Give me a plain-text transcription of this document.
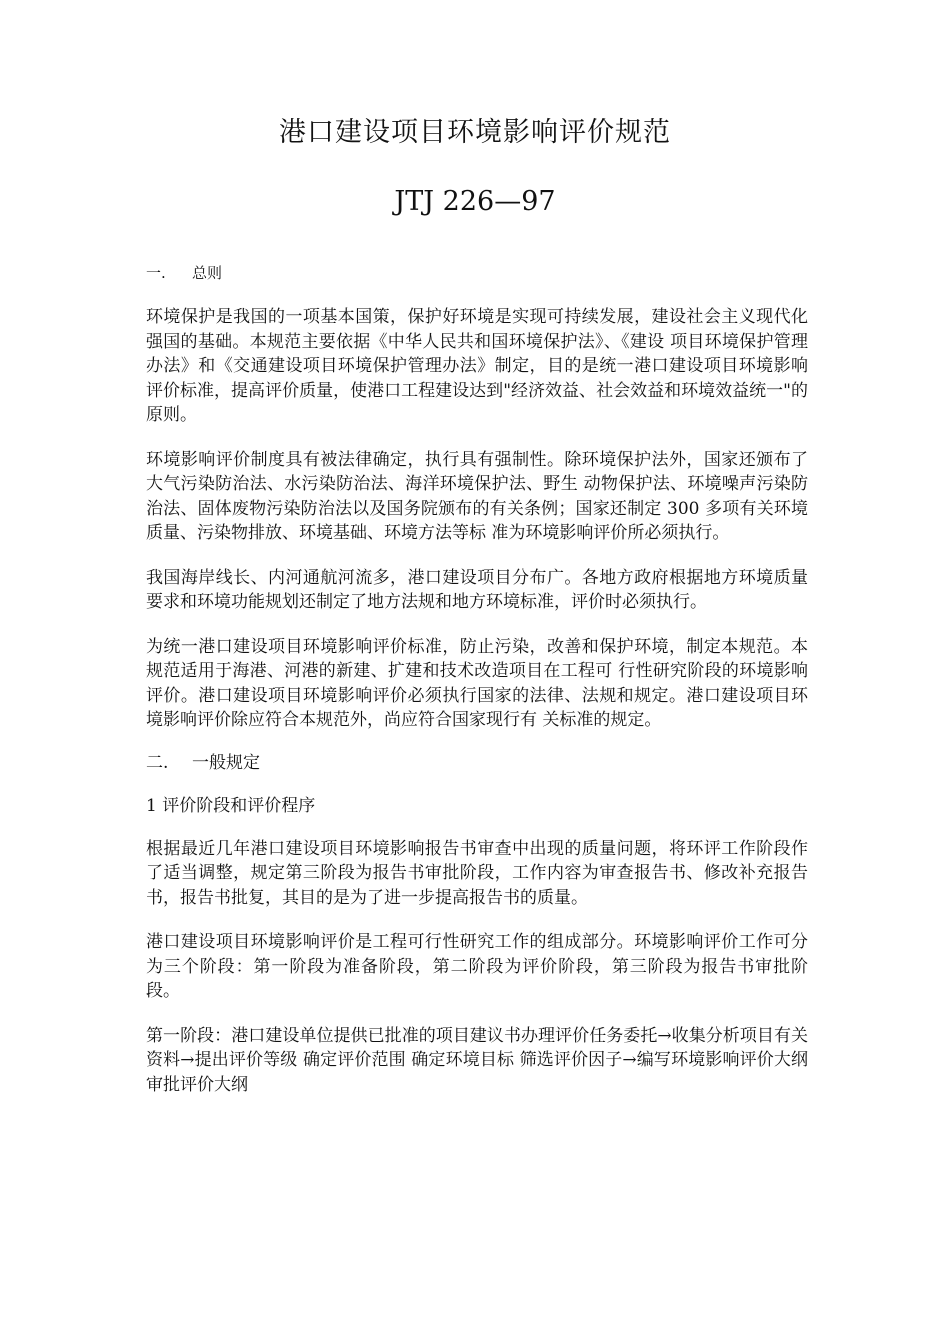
港口建设项目环境影响评价规范
JTJ 226—97
一. 总则

环境保护是我国的一项基本国策，保护好环境是实现可持续发展，建设社会主义现代化强国的基础。本规范主要依据《中华人民共和国环境保护法》、《建设 项目环境保护管理办法》和《交通建设项目环境保护管理办法》制定，目的是统一港口建设项目环境影响评价标准，提高评价质量，使港口工程建设达到"经济效益、社会效益和环境效益统一"的原则。

环境影响评价制度具有被法律确定，执行具有强制性。除环境保护法外，国家还颁布了大气污染防治法、水污染防治法、海洋环境保护法、野生 动物保护法、环境噪声污染防治法、固体废物污染防治法以及国务院颁布的有关条例；国家还制定 300 多项有关环境质量、污染物排放、环境基础、环境方法等标 准为环境影响评价所必须执行。

我国海岸线长、内河通航河流多，港口建设项目分布广。各地方政府根据地方环境质量要求和环境功能规划还制定了地方法规和地方环境标准，评价时必须执行。

为统一港口建设项目环境影响评价标准，防止污染，改善和保护环境，制定本规范。本规范适用于海港、河港的新建、扩建和技术改造项目在工程可 行性研究阶段的环境影响评价。港口建设项目环境影响评价必须执行国家的法律、法规和规定。港口建设项目环境影响评价除应符合本规范外，尚应符合国家现行有 关标准的规定。

二. 一般规定
1 评价阶段和评价程序

根据最近几年港口建设项目环境影响报告书审查中出现的质量问题，将环评工作阶段作了适当调整，规定第三阶段为报告书审批阶段，工作内容为审查报告书、修改补充报告书，报告书批复，其目的是为了进一步提高报告书的质量。

港口建设项目环境影响评价是工程可行性研究工作的组成部分。环境影响评价工作可分为三个阶段：第一阶段为准备阶段，第二阶段为评价阶段，第三阶段为报告书审批阶段。

第一阶段：港口建设单位提供已批准的项目建议书办理评价任务委托→收集分析项目有关资料→提出评价等级 确定评价范围 确定环境目标 筛选评价因子→编写环境影响评价大纲审批评价大纲
